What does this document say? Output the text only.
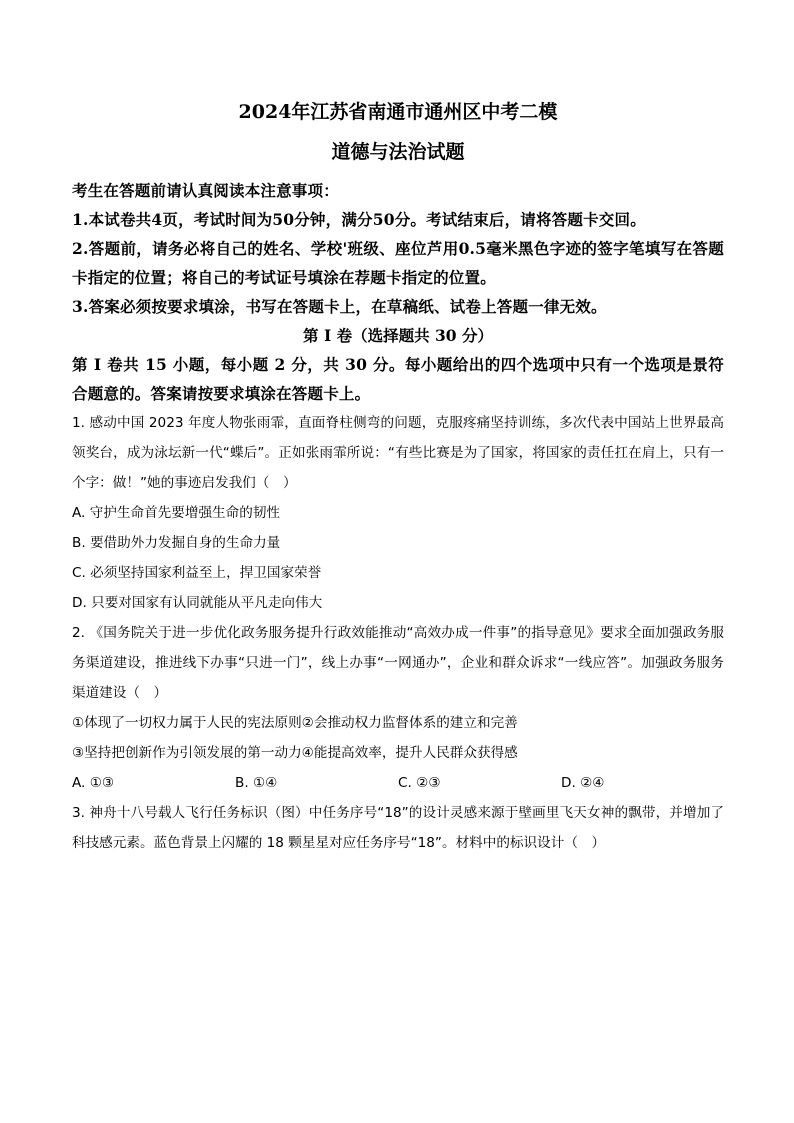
2024年江苏省南通市通州区中考二模
道德与法治试题

考生在答题前请认真阅读本注意事项：

1.本试卷共4页，考试时间为50分钟，满分50分。考试结束后，请将答题卡交回。

2.答题前，请务必将自己的姓名、学校'班级、座位芦用0.5毫米黑色字迹的签字笔填写在答题卡指定的位置；将自己的考试证号填涂在荐题卡指定的位置。

3.答案必须按要求填涂，书写在答题卡上，在草稿纸、试卷上答题一律无效。

第 I 卷（选择题共 30 分）

第 I 卷共 15 小题，每小题 2 分，共 30 分。每小题给出的四个选项中只有一个选项是景符合题意的。答案请按要求填涂在答题卡上。

1. 感动中国 2023 年度人物张雨霏，直面脊柱侧弯的问题，克服疼痛坚持训练，多次代表中国站上世界最高领奖台，成为泳坛新一代“蝶后”。正如张雨霏所说：“有些比赛是为了国家，将国家的责任扛在肩上，只有一个字：做！”她的事迹启发我们（　）

A. 守护生命首先要增强生命的韧性

B. 要借助外力发掘自身的生命力量

C. 必须坚持国家利益至上，捍卫国家荣誉

D. 只要对国家有认同就能从平凡走向伟大

2. 《国务院关于进一步优化政务服务提升行政效能推动“高效办成一件事”的指导意见》要求全面加强政务服务渠道建设，推进线下办事“只进一门”，线上办事“一网通办”，企业和群众诉求“一线应答”。加强政务服务渠道建设（　）

①体现了一切权力属于人民的宪法原则②会推动权力监督体系的建立和完善

③坚持把创新作为引领发展的第一动力④能提高效率，提升人民群众获得感

A. ①③	B. ①④	C. ②③	D. ②④

3. 神舟十八号载人飞行任务标识（图）中任务序号“18”的设计灵感来源于壁画里飞天女神的飘带，并增加了科技感元素。蓝色背景上闪耀的 18 颗星星对应任务序号“18”。材料中的标识设计（　）
